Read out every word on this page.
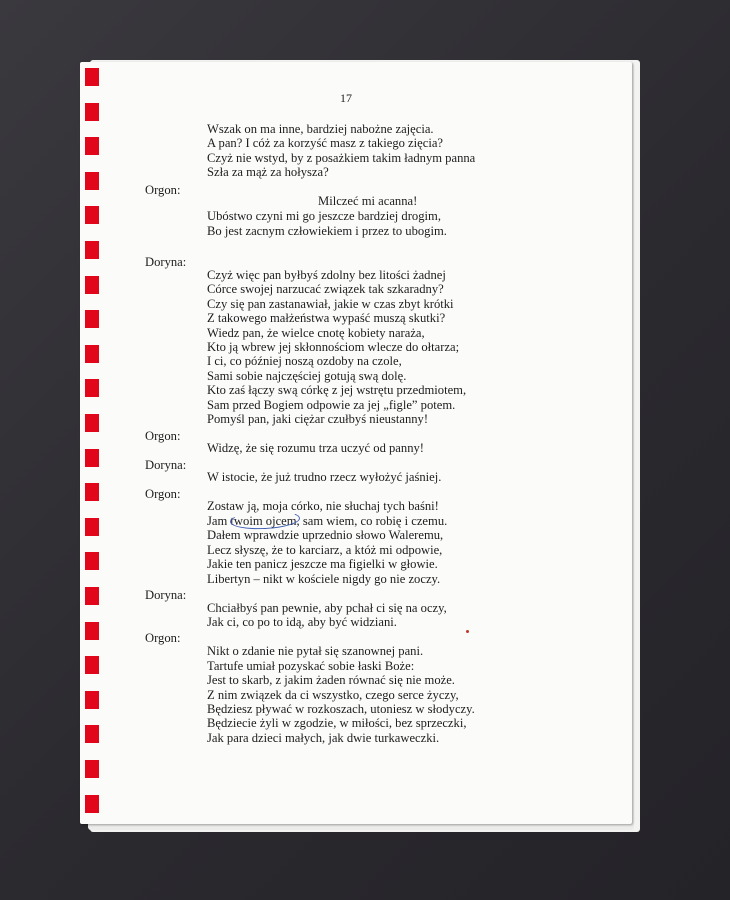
17
Orgon:
Doryna:
Orgon:
Doryna:
Orgon:
Doryna:
Orgon:
Wszak on ma inne, bardziej nabożne zajęcia.
A pan? I cóż za korzyść masz z takiego zięcia?
Czyż nie wstyd, by z posażkiem takim ładnym panna
Szła za mąż za hołysza?
Milczeć mi acanna!
Ubóstwo czyni mi go jeszcze bardziej drogim,
Bo jest zacnym człowiekiem i przez to ubogim.
Czyż więc pan byłbyś zdolny bez litości żadnej
Córce swojej narzucać związek tak szkaradny?
Czy się pan zastanawiał, jakie w czas zbyt krótki
Z takowego małżeństwa wypaść muszą skutki?
Wiedz pan, że wielce cnotę kobiety naraża,
Kto ją wbrew jej skłonnościom wlecze do ołtarza;
I ci, co później noszą ozdoby na czole,
Sami sobie najczęściej gotują swą dolę.
Kto zaś łączy swą córkę z jej wstrętu przedmiotem,
Sam przed Bogiem odpowie za jej „figle” potem.
Pomyśl pan, jaki ciężar czułbyś nieustanny!
Widzę, że się rozumu trza uczyć od panny!
W istocie, że już trudno rzecz wyłożyć jaśniej.
Zostaw ją, moja córko, nie słuchaj tych baśni!
Jam twoim ojcem, sam wiem, co robię i czemu.
Dałem wprawdzie uprzednio słowo Waleremu,
Lecz słyszę, że to karciarz, a któż mi odpowie,
Jakie ten panicz jeszcze ma figielki w głowie.
Libertyn – nikt w kościele nigdy go nie zoczy.
Chciałbyś pan pewnie, aby pchał ci się na oczy,
Jak ci, co po to idą, aby być widziani.
Nikt o zdanie nie pytał się szanownej pani.
Tartufe umiał pozyskać sobie łaski Boże:
Jest to skarb, z jakim żaden równać się nie może.
Z nim związek da ci wszystko, czego serce życzy,
Będziesz pływać w rozkoszach, utoniesz w słodyczy.
Będziecie żyli w zgodzie, w miłości, bez sprzeczki,
Jak para dzieci małych, jak dwie turkaweczki.
